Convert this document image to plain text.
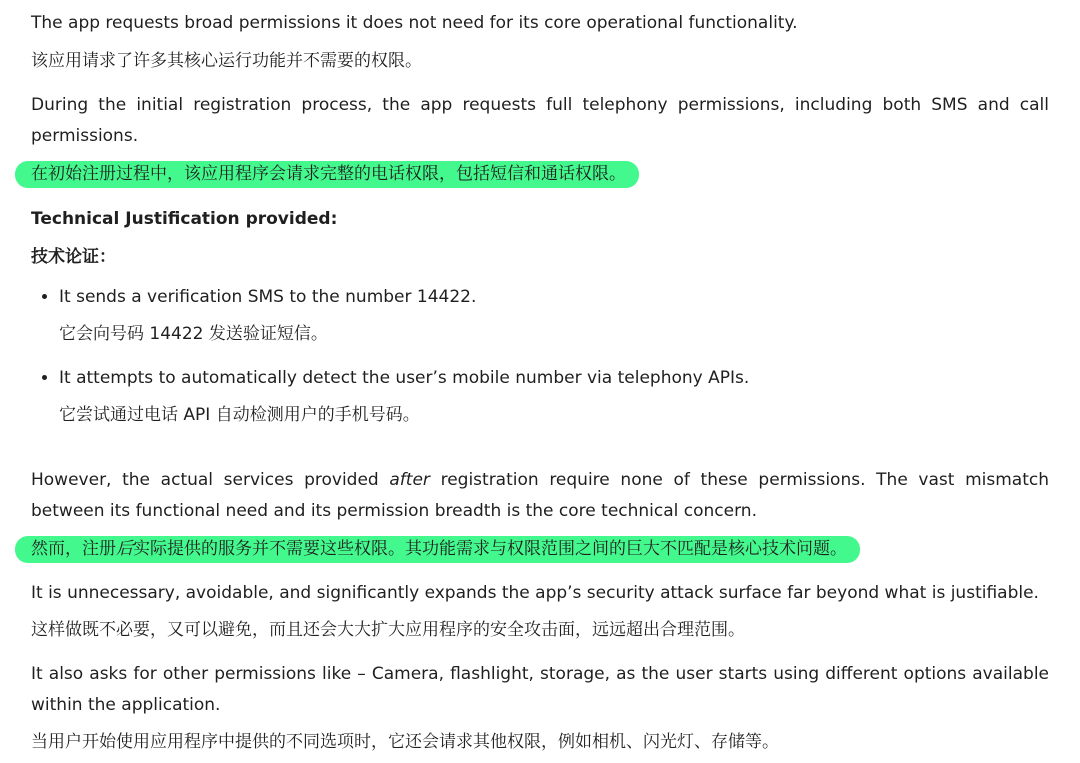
The app requests broad permissions it does not need for its core operational functionality.

该应用请求了许多其核心运行功能并不需要的权限。

During the initial registration process, the app requests full telephony permissions, including both SMS and call permissions.

在初始注册过程中，该应用程序会请求完整的电话权限，包括短信和通话权限。

Technical Justification provided:

技术论证：

• It sends a verification SMS to the number 14422.
它会向号码 14422 发送验证短信。
• It attempts to automatically detect the user’s mobile number via telephony APIs.
它尝试通过电话 API 自动检测用户的手机号码。

However, the actual services provided after registration require none of these permissions. The vast mismatch between its functional need and its permission breadth is the core technical concern.

然而，注册后实际提供的服务并不需要这些权限。其功能需求与权限范围之间的巨大不匹配是核心技术问题。

It is unnecessary, avoidable, and significantly expands the app’s security attack surface far beyond what is justifiable.

这样做既不必要，又可以避免，而且还会大大扩大应用程序的安全攻击面，远远超出合理范围。

It also asks for other permissions like – Camera, flashlight, storage, as the user starts using different options available within the application.

当用户开始使用应用程序中提供的不同选项时，它还会请求其他权限，例如相机、闪光灯、存储等。
